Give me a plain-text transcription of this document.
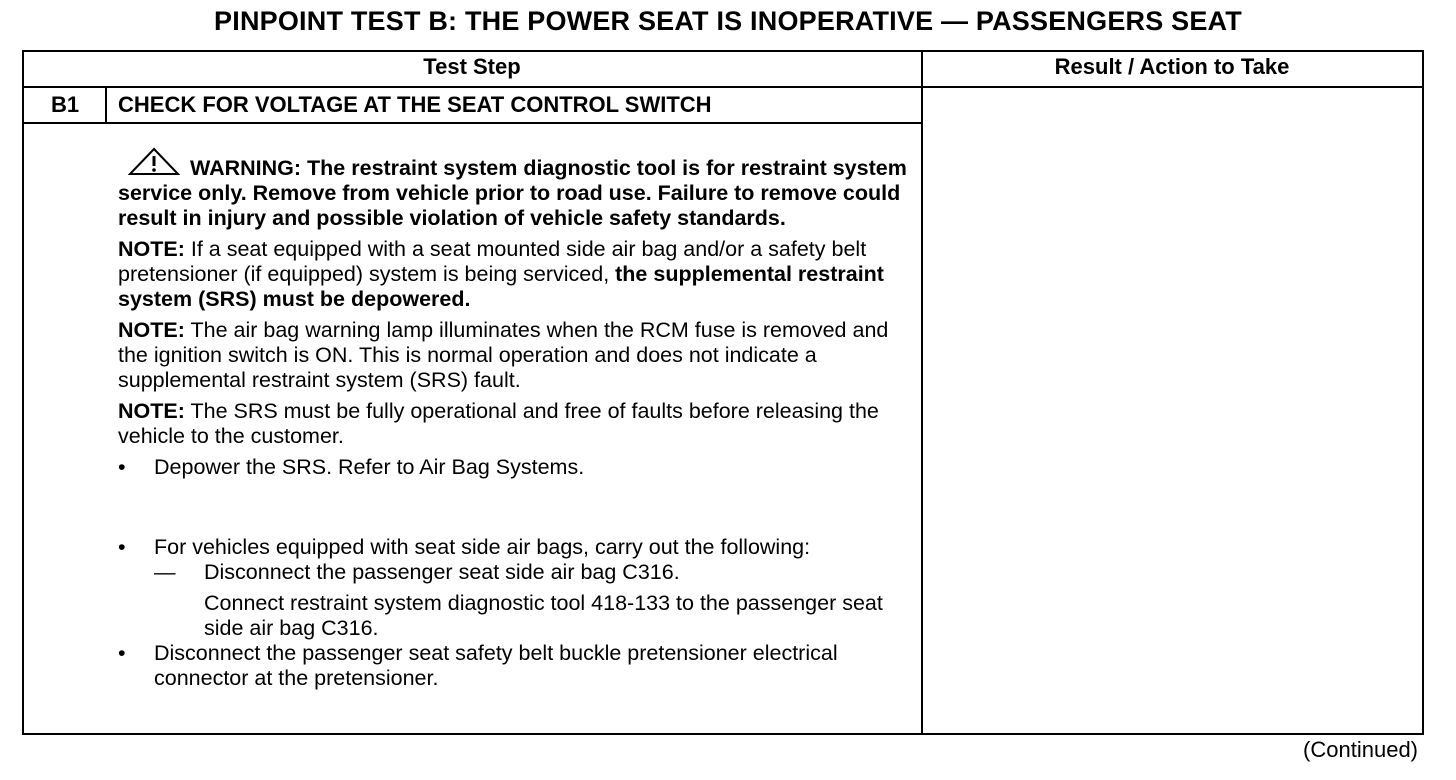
PINPOINT TEST B: THE POWER SEAT IS INOPERATIVE — PASSENGERS SEAT
Test Step	Result / Action to Take
B1	CHECK FOR VOLTAGE AT THE SEAT CONTROL SWITCH
WARNING: The restraint system diagnostic tool is for restraint system service only. Remove from vehicle prior to road use. Failure to remove could result in injury and possible violation of vehicle safety standards.
NOTE: If a seat equipped with a seat mounted side air bag and/or a safety belt pretensioner (if equipped) system is being serviced, the supplemental restraint system (SRS) must be depowered.
NOTE: The air bag warning lamp illuminates when the RCM fuse is removed and the ignition switch is ON. This is normal operation and does not indicate a supplemental restraint system (SRS) fault.
NOTE: The SRS must be fully operational and free of faults before releasing the vehicle to the customer.
•	Depower the SRS. Refer to Air Bag Systems.
•	For vehicles equipped with seat side air bags, carry out the following:
— Disconnect the passenger seat side air bag C316.
Connect restraint system diagnostic tool 418-133 to the passenger seat side air bag C316.
•	Disconnect the passenger seat safety belt buckle pretensioner electrical connector at the pretensioner.
(Continued)
